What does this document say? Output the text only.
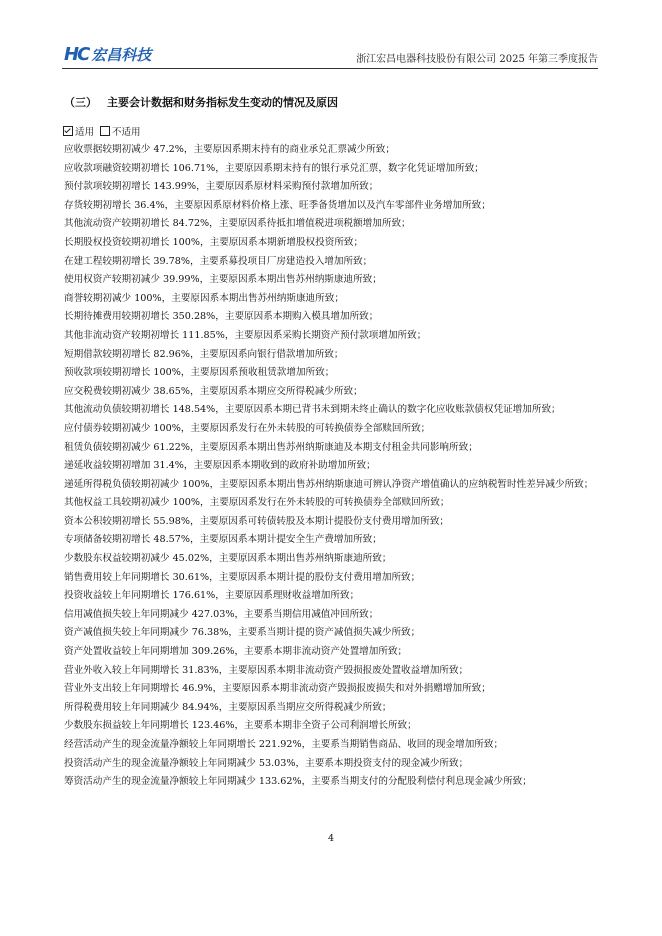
HC 宏昌科技	浙江宏昌电器科技股份有限公司 2025 年第三季度报告
（三） 主要会计数据和财务指标发生变动的情况及原因
适用 不适用

应收票据较期初减少 47.2%，主要原因系期末持有的商业承兑汇票减少所致；

应收款项融资较期初增长 106.71%，主要原因系期末持有的银行承兑汇票，数字化凭证增加所致；

预付款项较期初增长 143.99%，主要原因系原材料采购预付款增加所致；

存货较期初增长 36.4%，主要原因系原材料价格上涨、旺季备货增加以及汽车零部件业务增加所致；

其他流动资产较期初增长 84.72%，主要原因系待抵扣增值税进项税额增加所致；

长期股权投资较期初增长 100%，主要原因系本期新增股权投资所致；

在建工程较期初增长 39.78%，主要系募投项目厂房建造投入增加所致；

使用权资产较期初减少 39.99%，主要原因系本期出售苏州纳斯康迪所致；

商誉较期初减少 100%，主要原因系本期出售苏州纳斯康迪所致；

长期待摊费用较期初增长 350.28%，主要原因系本期购入模具增加所致；

其他非流动资产较期初增长 111.85%，主要原因系采购长期资产预付款项增加所致；

短期借款较期初增长 82.96%，主要原因系向银行借款增加所致；

预收款项较期初增长 100%，主要原因系预收租赁款增加所致；

应交税费较期初减少 38.65%，主要原因系本期应交所得税减少所致；

其他流动负债较期初增长 148.54%，主要原因系本期已背书未到期未终止确认的数字化应收账款债权凭证增加所致；

应付债券较期初减少 100%，主要原因系发行在外未转股的可转换债券全部赎回所致；

租赁负债较期初减少 61.22%，主要原因系本期出售苏州纳斯康迪及本期支付租金共同影响所致；

递延收益较期初增加 31.4%，主要原因系本期收到的政府补助增加所致；

递延所得税负债较期初减少 100%，主要原因系本期出售苏州纳斯康迪可辨认净资产增值确认的应纳税暂时性差异减少所致；

其他权益工具较期初减少 100%，主要原因系发行在外未转股的可转换债券全部赎回所致；

资本公积较期初增长 55.98%，主要原因系可转债转股及本期计提股份支付费用增加所致；

专项储备较期初增长 48.57%，主要原因系本期计提安全生产费增加所致；

少数股东权益较期初减少 45.02%，主要原因系本期出售苏州纳斯康迪所致；

销售费用较上年同期增长 30.61%，主要原因系本期计提的股份支付费用增加所致；

投资收益较上年同期增长 176.61%，主要原因系理财收益增加所致；

信用减值损失较上年同期减少 427.03%，主要系当期信用减值冲回所致；

资产减值损失较上年同期减少 76.38%，主要系当期计提的资产减值损失减少所致；

资产处置收益较上年同期增加 309.26%，主要系本期非流动资产处置增加所致；

营业外收入较上年同期增长 31.83%，主要原因系本期非流动资产毁损报废处置收益增加所致；

营业外支出较上年同期增长 46.9%，主要原因系本期非流动资产毁损报废损失和对外捐赠增加所致；

所得税费用较上年同期减少 84.94%，主要原因系当期应交所得税减少所致；

少数股东损益较上年同期增长 123.46%，主要系本期非全资子公司利润增长所致；

经营活动产生的现金流量净额较上年同期增长 221.92%，主要系当期销售商品、收回的现金增加所致；

投资活动产生的现金流量净额较上年同期减少 53.03%，主要系本期投资支付的现金减少所致；

筹资活动产生的现金流量净额较上年同期减少 133.62%，主要系当期支付的分配股利偿付利息现金减少所致；

4
